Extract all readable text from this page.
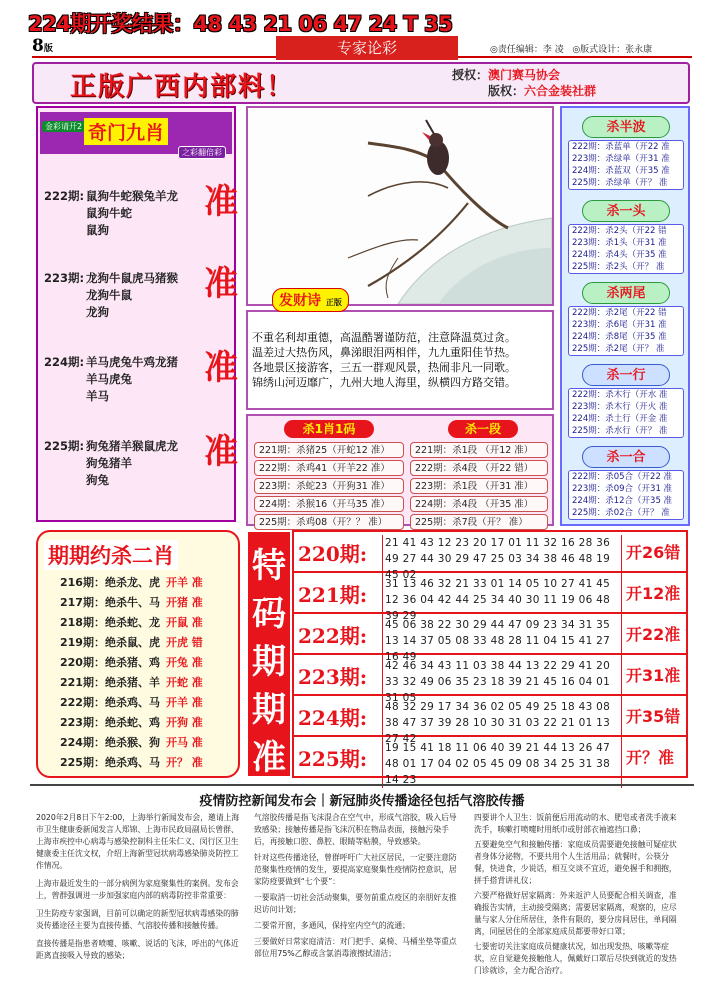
224期开奖结果：48 43 21 06 47 24 T 35
8版	专家论彩	◎责任编辑：李 凌 ◎版式设计：张永康
正版广西内部料！	授权：澳门赛马协会
版权：六合金装社群
金彩请开2 奇门九肖
之彩翻倍彩
222期: 鼠狗牛蛇猴兔羊龙
鼠狗牛蛇
鼠狗
准
223期: 龙狗牛鼠虎马猪猴
龙狗牛鼠
龙狗
准
224期: 羊马虎兔牛鸡龙猪
羊马虎兔
羊马
准
225期: 狗兔猪羊猴鼠虎龙
狗兔猪羊
狗兔
准
发财诗 正版
不重名利却重德，高温酷署谨防范，注意降温莫过贪。
温差过大热伤风，鼻涕眼泪两相伴，九九重阳佳节热。
各地景区接游客，三五一群观风景，热闹非凡一同歌。
锦绣山河迈靡广，九州大地人海里，纵横四方路交错。
杀1肖1码	杀一段
221期：杀猪25（开蛇12 准）
222期：杀鸡41（开羊22 准）
223期：杀蛇23（开狗31 准）
224期：杀猴16（开马35 准）
225期：杀鸡08（开？？ 准）
221期：杀1段 （开12 准）
222期：杀4段 （开22 错）
223期：杀1段 （开31 准）
224期：杀4段 （开35 准）
225期：杀7段（开？ 准）
杀半波
222期：杀蓝单（开22 准
223期：杀绿单（开31 准
224期：杀蓝双（开35 准
225期：杀绿单（开？ 准
杀一头
222期：杀2头（开22 错
223期：杀1头（开31 准
224期：杀4头（开35 准
225期：杀2头（开？ 准
杀两尾
222期：杀2尾（开22 错
223期：杀6尾（开31 准
224期：杀8尾（开35 准
225期：杀2尾（开？ 准
杀一行
222期：杀木行（开水 准
223期：杀木行（开火 准
224期：杀土行（开金 准
225期：杀水行（开？ 准
杀一合
222期：杀05合（开22 准
223期：杀09合（开31 准
224期：杀12合（开35 准
225期：杀02合（开？ 准
期期约杀二肖
216期：绝杀龙、虎 开羊 准
217期：绝杀牛、马 开猪 准
218期：绝杀蛇、龙 开鼠 准
219期：绝杀鼠、虎 开虎 错
220期：绝杀猪、鸡 开兔 准
221期：绝杀猪、羊 开蛇 准
222期：绝杀鸡、马 开羊 准
223期：绝杀蛇、鸡 开狗 准
224期：绝杀猴、狗 开马 准
225期：绝杀鸡、马 开？ 准
特码期期准
220期: 21 41 43 12 23 20 17 01 11 32 16 28 36 49 27 44 30 29 47 25 03 34 38 46 48 19 45 02
开26错
221期: 31 13 46 32 21 33 01 14 05 10 27 41 45 12 36 04 42 44 25 34 40 30 11 19 06 48 39 29
开12准
222期: 45 06 38 22 30 29 44 47 09 23 34 31 35 13 14 37 05 08 33 48 28 11 04 15 41 27 16 49
开22准
223期: 42 46 34 43 11 03 38 44 13 22 29 41 20 33 32 49 06 35 23 18 39 21 45 16 04 01 31 05
开31准
224期: 48 32 29 17 34 36 02 05 49 25 18 43 08 38 47 37 39 28 10 30 31 03 22 21 01 13 27 42
开35错
225期: 19 15 41 18 11 06 40 39 21 44 13 26 47 48 01 17 04 02 05 45 09 08 34 25 31 38 14 23
开？准
疫情防控新闻发布会｜新冠肺炎传播途径包括气溶胶传播

2020年2月8日下午2:00，上海举行新闻发布会，邀请上海市卫生健康委新闻发言人郑锦、上海市民政局副局长曾群、上海市疾控中心病毒与感染控制科主任朱仁义、闵行区卫生健康委主任沈文权，介绍上海新型冠状病毒感染肺炎防控工作情况。

上海市最近发生的一部分病例为家庭聚集性的案例。发布会上，曾群强调进一步加强家庭内部的病毒防控非常重要：

卫生防疫专家强调，目前可以确定的新型冠状病毒感染的肺炎传播途径主要为直接传播、气溶胶传播和接触传播。

直接传播是指患者喷嚏、咳嗽、说话的飞沫，呼出的气体近距离直接吸入导致的感染；

气溶胶传播是指飞沫混合在空气中，形成气溶胶，吸入后导致感染；接触传播是指飞沫沉积在物品表面，接触污染手后，再接触口腔、鼻腔、眼睛等粘膜，导致感染。

针对这些传播途径，曾群呼吁广大社区居民，一定要注意防范聚集性疫情的发生，要提高家庭聚集性疫情防控意识，居家防疫要做到“七个要”：

一要取消一切社会活动聚集，要勿前重点疫区的亲朋好友推迟访问计划；

二要常开窗，多通风，保持室内空气的流通；

三要做好日常家庭清洁：对门把手、桌椅、马桶坐垫等重点部位用75%乙醇或含氯消毒液擦拭清洁；

四要讲个人卫生：饭前便后用流动的水、肥皂或者洗手液来洗手，咳嗽打喷嚏时用纸巾或肘部衣袖遮挡口鼻；

五要避免空气和接触传播：家庭成员需要避免接触可疑症状者身体分泌物，不要共用个人生活用品；就餐时，公筷分餐，快进食，少说话，相互交谈不宜近，避免握手和拥抱，拼手搭背讲礼仪；

六要严格做好居家隔离：外来返沪人员要配合相关调查，准确报告实情，主动接受隔离；需要居家隔离，观察的，应尽量与家人分住所居住，条件有限的，要分房间居住，单间隔离，同屋居住的全部家庭成员都要带好口罩；

七要密切关注家庭成员健康状况，如出现发热、咳嗽等症状，应自觉避免接触他人，佩戴好口罩后尽快到就近的发热门诊就诊，全力配合治疗。
